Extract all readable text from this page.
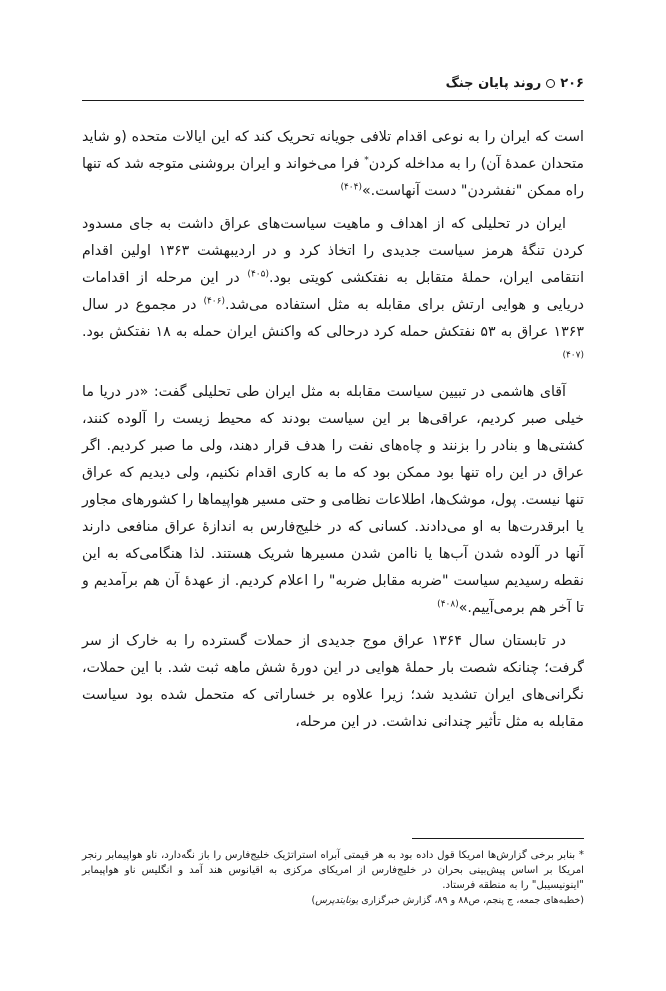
۲۰۶
روند پایان جنگ

است که ایران را به نوعی اقدام تلافی جویانه تحریک کند که این ایالات متحده (و شاید متحدان عمدهٔ آن) را به مداخله کردن* فرا می‌خواند و ایران بروشنی متوجه شد که تنها راه ممکن "نفشردن" دست آنهاست.»$^{(۴۰۴)}$

ایران در تحلیلی که از اهداف و ماهیت سیاست‌های عراق داشت به جای مسدود کردن تنگهٔ هرمز سیاست جدیدی را اتخاذ کرد و در اردیبهشت ۱۳۶۳ اولین اقدام انتقامی ایران، حملهٔ متقابل به نفتکشی کویتی بود.$^{(۴۰۵)}$ در این مرحله از اقدامات دریایی و هوایی ارتش برای مقابله به مثل استفاده می‌شد.$^{(۴۰۶)}$ در مجموع در سال ۱۳۶۳ عراق به ۵۳ نفتکش حمله کرد درحالی که واکنش ایران حمله به ۱۸ نفتکش بود.$^{(۴۰۷)}$

آقای هاشمی در تبیین سیاست مقابله به مثل ایران طی تحلیلی گفت: «در دریا ما خیلی صبر کردیم، عراقی‌ها بر این سیاست بودند که محیط زیست را آلوده کنند، کشتی‌ها و بنادر را بزنند و چاه‌های نفت را هدف قرار دهند، ولی ما صبر کردیم. اگر عراق در این راه تنها بود ممکن بود که ما به کاری اقدام نکنیم، ولی دیدیم که عراق تنها نیست. پول، موشک‌ها، اطلاعات نظامی و حتی مسیر هواپیماها را کشورهای مجاور یا ابرقدرت‌ها به او می‌دادند. کسانی که در خلیج‌فارس به اندازهٔ عراق منافعی دارند آنها در آلوده شدن آب‌ها یا ناامن شدن مسیرها شریک هستند. لذا هنگامی‌که به این نقطه رسیدیم سیاست "ضربه مقابل ضربه" را اعلام کردیم. از عهدهٔ آن هم برآمدیم و تا آخر هم برمی‌آییم.»$^{(۴۰۸)}$

در تابستان سال ۱۳۶۴ عراق موج جدیدی از حملات گسترده را به خارک از سر گرفت؛ چنانکه شصت بار حملهٔ هوایی در این دورهٔ شش ماهه ثبت شد. با این حملات، نگرانی‌های ایران تشدید شد؛ زیرا علاوه بر خساراتی که متحمل شده بود سیاست مقابله به مثل تأثیر چندانی نداشت. در این مرحله،

* بنابر برخی گزارش‌ها امریکا قول داده بود به هر قیمتی آبراه استراتژیک خلیج‌فارس را باز نگه‌دارد، ناو هواپیمابر رنجر امریکا بر اساس پیش‌بینی بحران در خلیج‌فارس از امریکای مرکزی به اقیانوس هند آمد و انگلیس ناو هواپیمابر "اینونیسیبل" را به منطقه فرستاد.

(خطبه‌های جمعه، ج پنجم، ص۸۸ و ۸۹، گزارش خبرگزاری یونایتدپرس)
